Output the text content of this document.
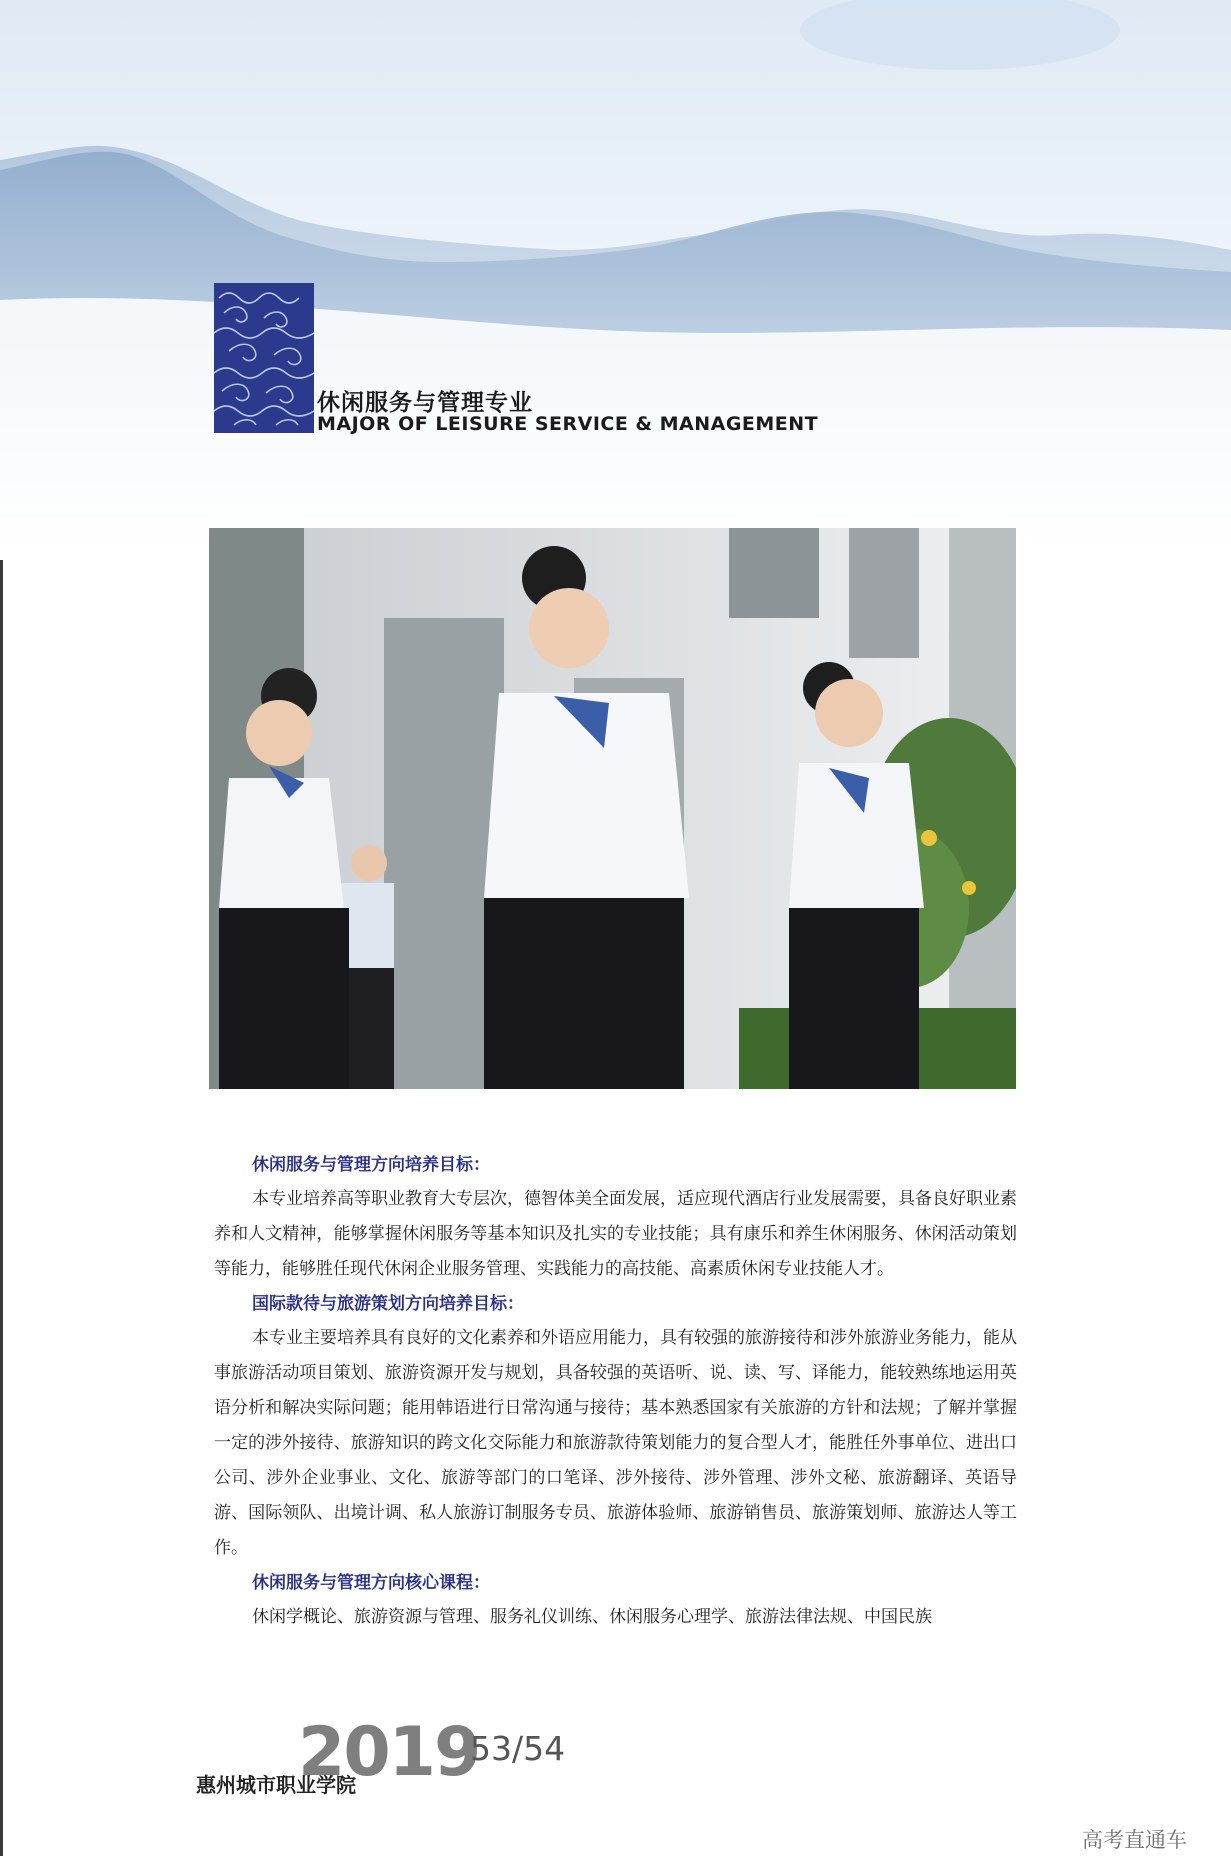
休闲服务与管理专业
MAJOR OF LEISURE SERVICE & MANAGEMENT

休闲服务与管理方向培养目标：

本专业培养高等职业教育大专层次，德智体美全面发展，适应现代酒店行业发展需要，具备良好职业素养和人文精神，能够掌握休闲服务等基本知识及扎实的专业技能；具有康乐和养生休闲服务、休闲活动策划等能力，能够胜任现代休闲企业服务管理、实践能力的高技能、高素质休闲专业技能人才。

国际款待与旅游策划方向培养目标：

本专业主要培养具有良好的文化素养和外语应用能力，具有较强的旅游接待和涉外旅游业务能力，能从事旅游活动项目策划、旅游资源开发与规划，具备较强的英语听、说、读、写、译能力，能较熟练地运用英语分析和解决实际问题；能用韩语进行日常沟通与接待；基本熟悉国家有关旅游的方针和法规；了解并掌握一定的涉外接待、旅游知识的跨文化交际能力和旅游款待策划能力的复合型人才，能胜任外事单位、进出口公司、涉外企业事业、文化、旅游等部门的口笔译、涉外接待、涉外管理、涉外文秘、旅游翻译、英语导游、国际领队、出境计调、私人旅游订制服务专员、旅游体验师、旅游销售员、旅游策划师、旅游达人等工作。

休闲服务与管理方向核心课程：

休闲学概论、旅游资源与管理、服务礼仪训练、休闲服务心理学、旅游法律法规、中国民族

2019
53/54
惠州城市职业学院
高考直通车
